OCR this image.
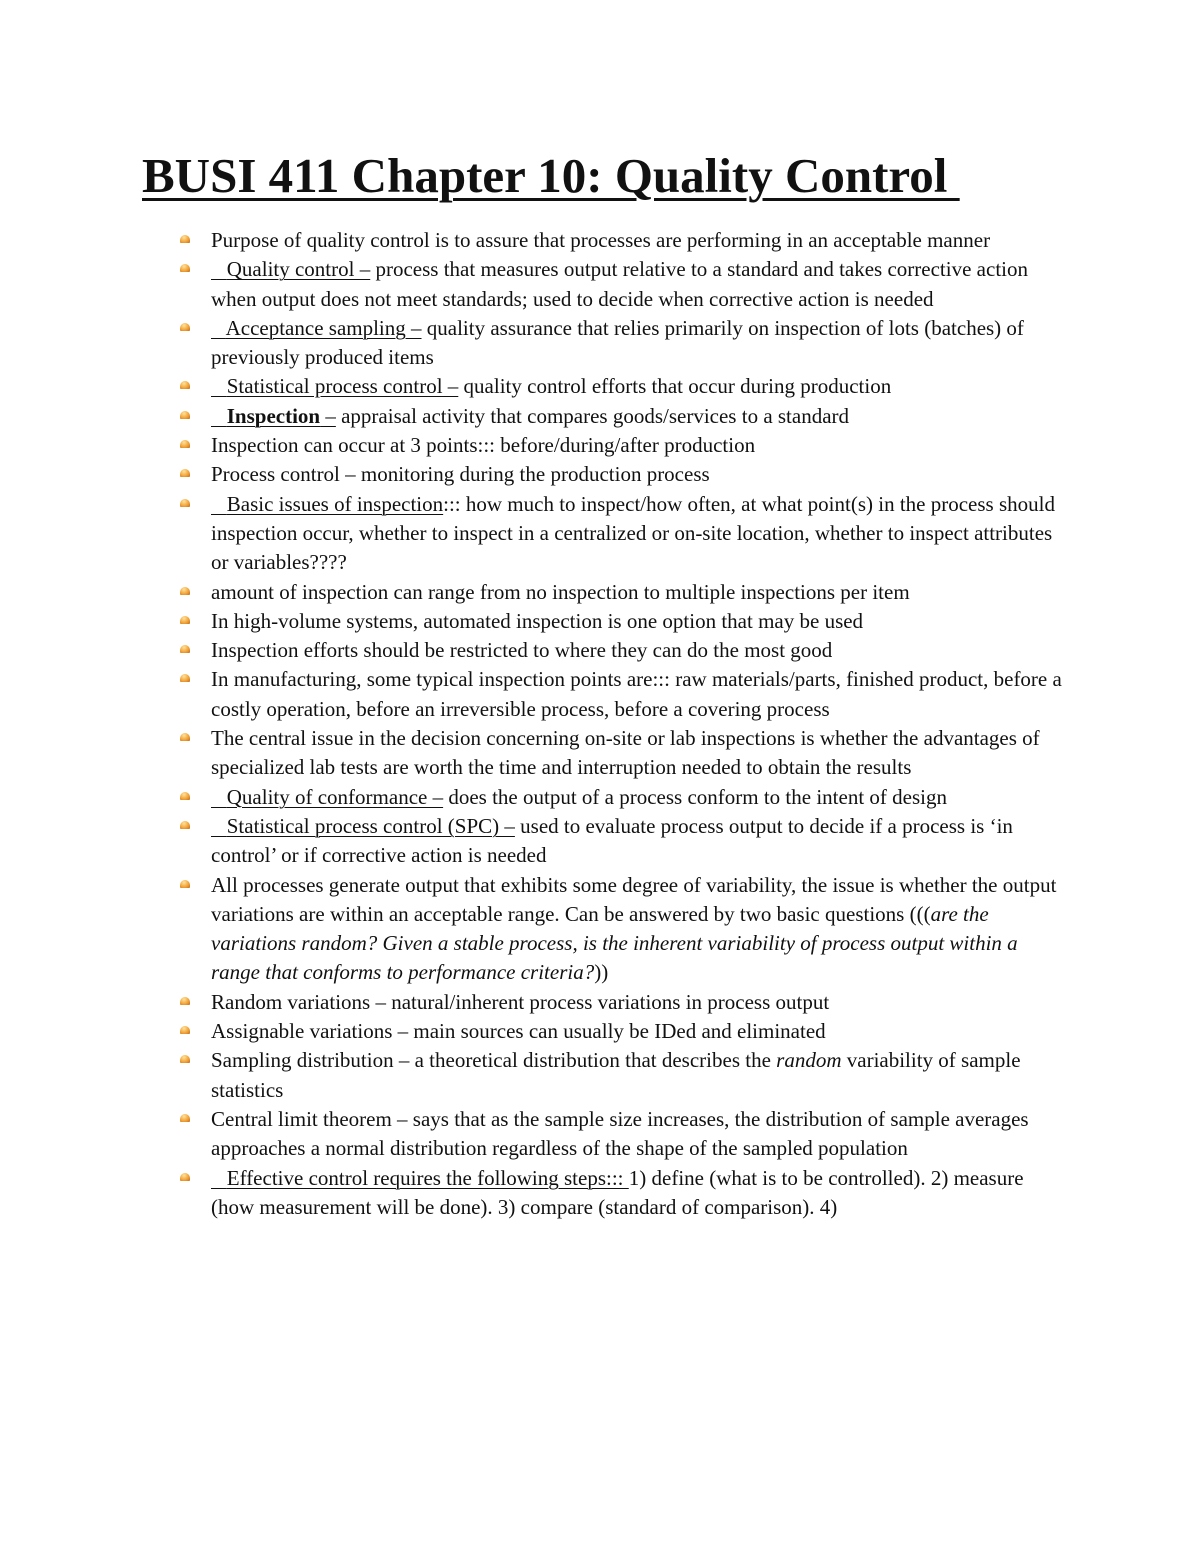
BUSI 411 Chapter 10: Quality Control
Purpose of quality control is to assure that processes are performing in an acceptable manner
Quality control – process that measures output relative to a standard and takes corrective action when output does not meet standards; used to decide when corrective action is needed
Acceptance sampling – quality assurance that relies primarily on inspection of lots (batches) of previously produced items
Statistical process control – quality control efforts that occur during production
Inspection – appraisal activity that compares goods/services to a standard
Inspection can occur at 3 points::: before/during/after production
Process control – monitoring during the production process
Basic issues of inspection::: how much to inspect/how often, at what point(s) in the process should inspection occur, whether to inspect in a centralized or on-site location, whether to inspect attributes or variables????
amount of inspection can range from no inspection to multiple inspections per item
In high-volume systems, automated inspection is one option that may be used
Inspection efforts should be restricted to where they can do the most good
In manufacturing, some typical inspection points are::: raw materials/parts, finished product, before a costly operation, before an irreversible process, before a covering process
The central issue in the decision concerning on-site or lab inspections is whether the advantages of specialized lab tests are worth the time and interruption needed to obtain the results
Quality of conformance – does the output of a process conform to the intent of design
Statistical process control (SPC) – used to evaluate process output to decide if a process is ‘in control’ or if corrective action is needed
All processes generate output that exhibits some degree of variability, the issue is whether the output variations are within an acceptable range. Can be answered by two basic questions (((are the variations random? Given a stable process, is the inherent variability of process output within a range that conforms to performance criteria?))
Random variations – natural/inherent process variations in process output
Assignable variations – main sources can usually be IDed and eliminated
Sampling distribution – a theoretical distribution that describes the random variability of sample statistics
Central limit theorem – says that as the sample size increases, the distribution of sample averages approaches a normal distribution regardless of the shape of the sampled population
Effective control requires the following steps::: 1) define (what is to be controlled). 2) measure (how measurement will be done). 3) compare (standard of comparison). 4)
